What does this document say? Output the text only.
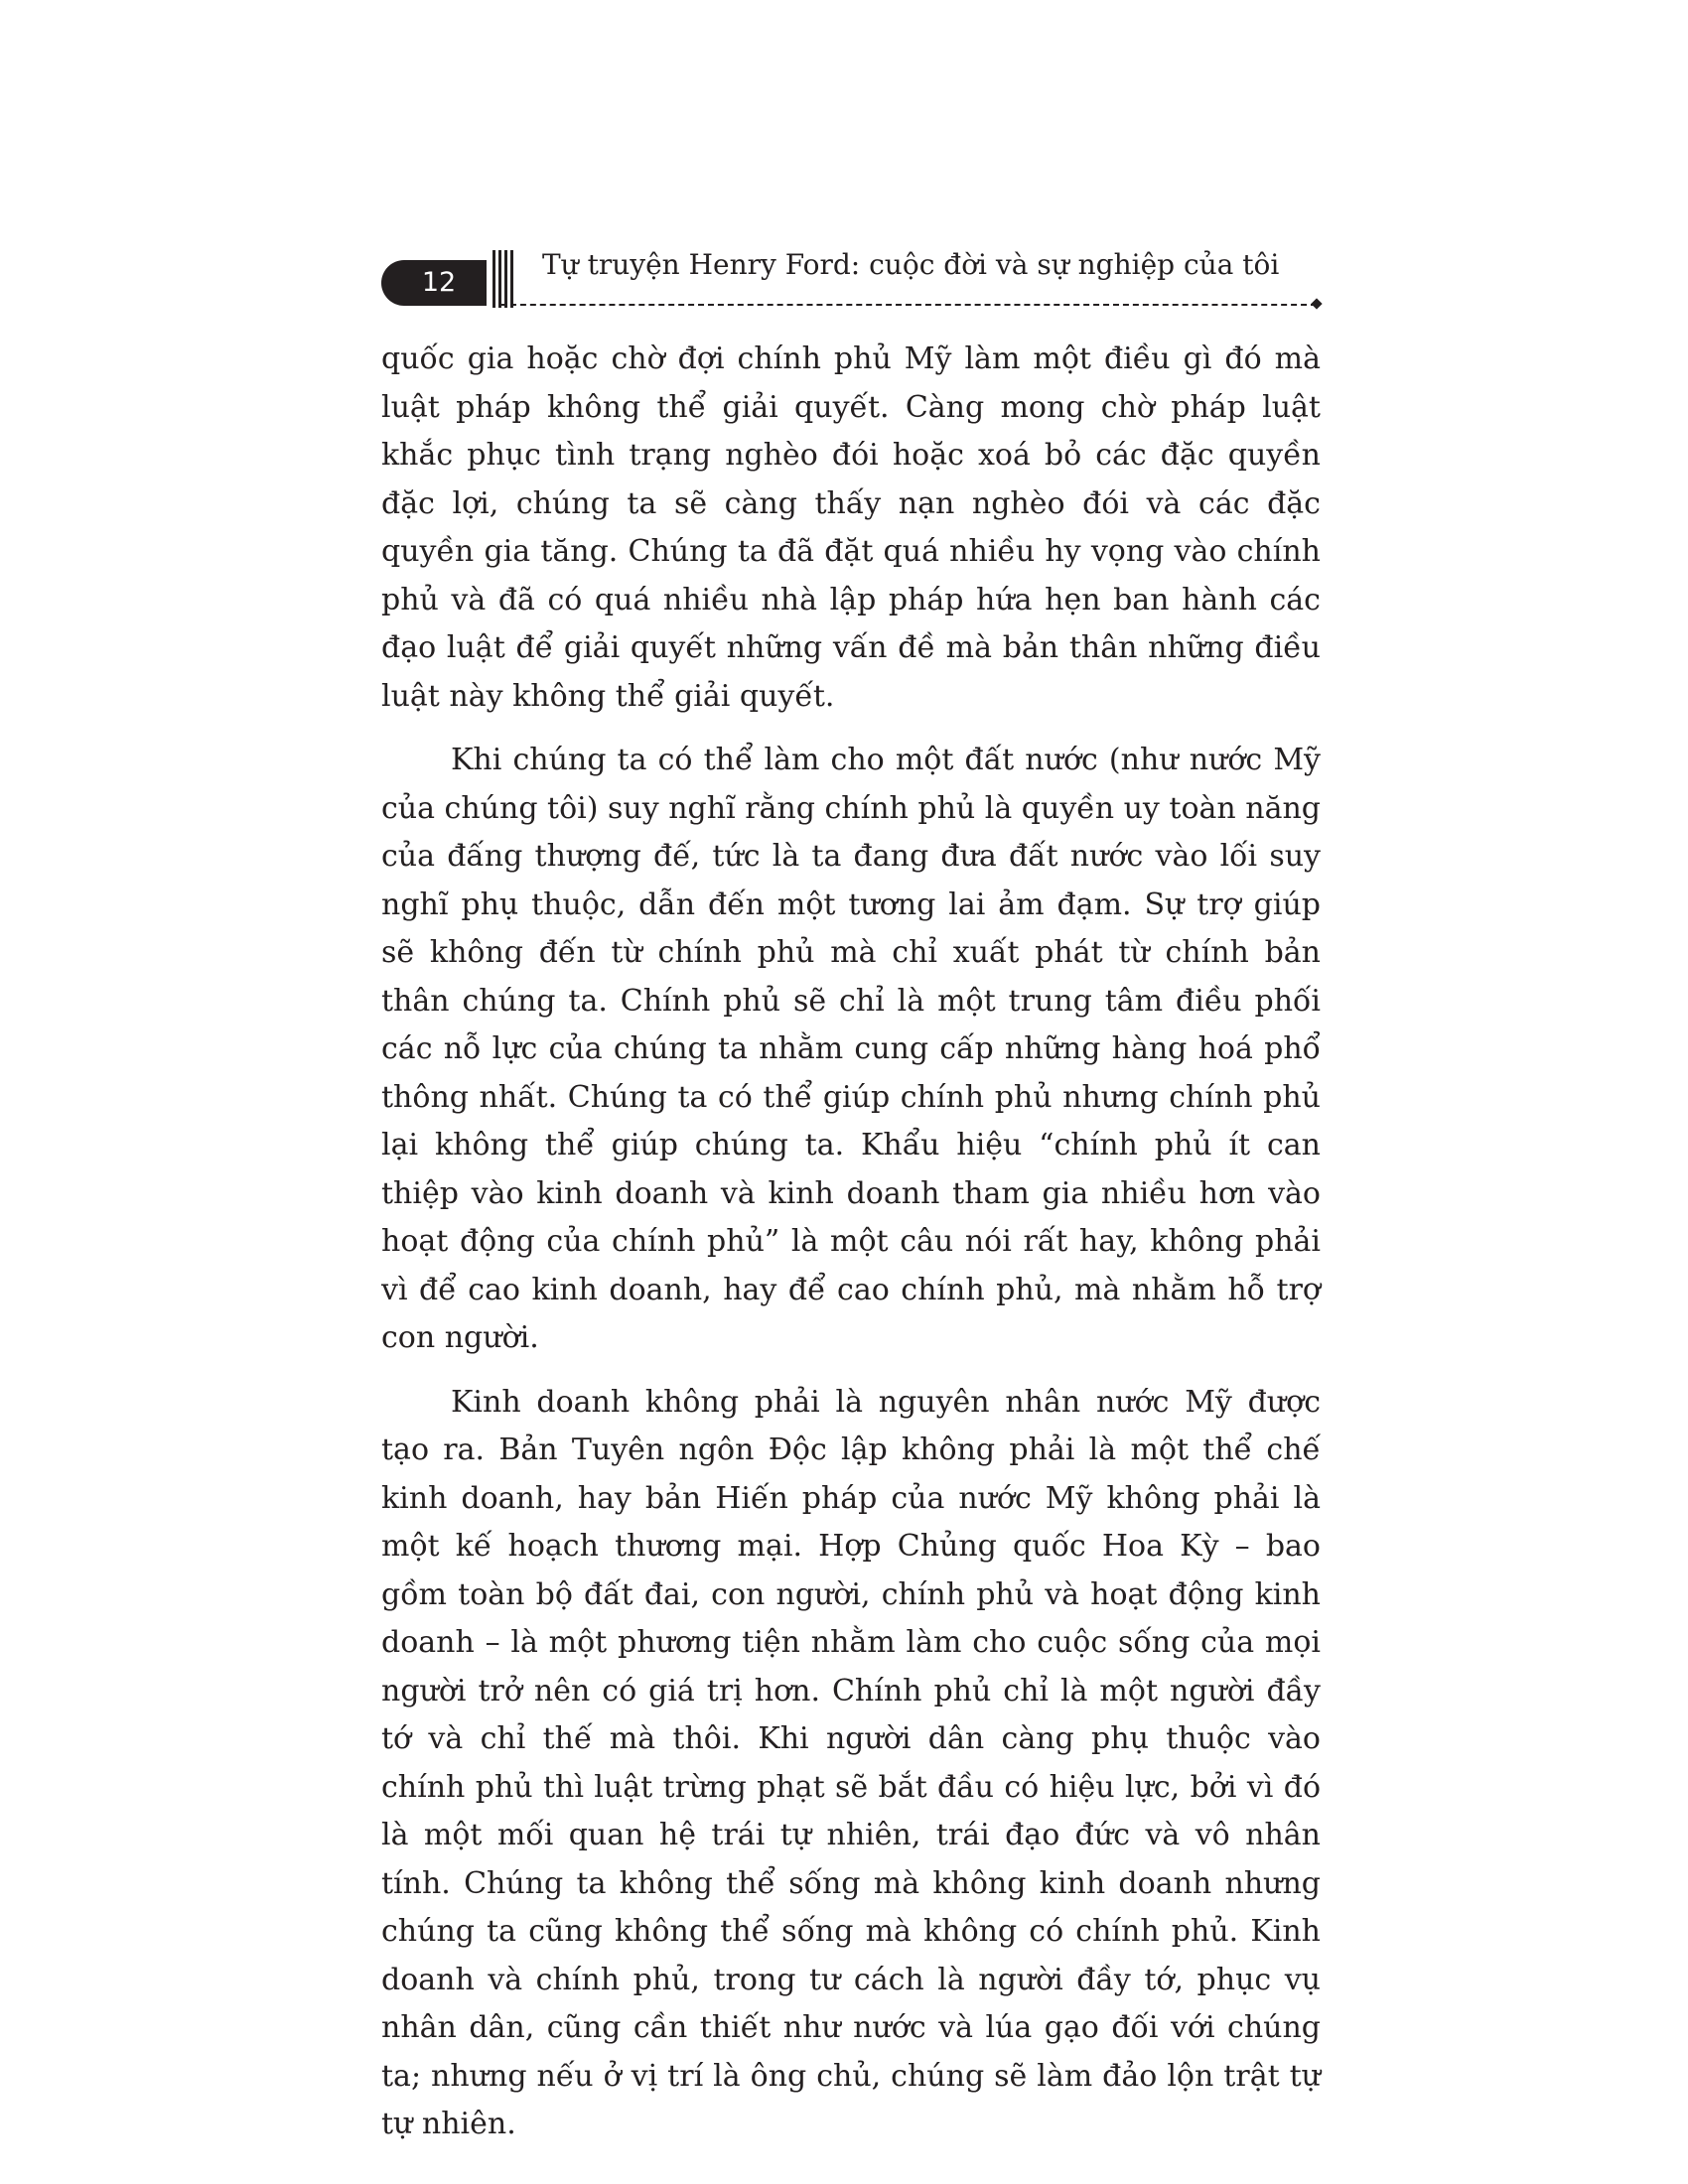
12
Tự truyện Henry Ford: cuộc đời và sự nghiệp của tôi

quốc gia hoặc chờ đợi chính phủ Mỹ làm một điều gì đó mà luật pháp không thể giải quyết. Càng mong chờ pháp luật khắc phục tình trạng nghèo đói hoặc xoá bỏ các đặc quyền đặc lợi, chúng ta sẽ càng thấy nạn nghèo đói và các đặc quyền gia tăng. Chúng ta đã đặt quá nhiều hy vọng vào chính phủ và đã có quá nhiều nhà lập pháp hứa hẹn ban hành các đạo luật để giải quyết những vấn đề mà bản thân những điều luật này không thể giải quyết.

Khi chúng ta có thể làm cho một đất nước (như nước Mỹ của chúng tôi) suy nghĩ rằng chính phủ là quyền uy toàn năng của đấng thượng đế, tức là ta đang đưa đất nước vào lối suy nghĩ phụ thuộc, dẫn đến một tương lai ảm đạm. Sự trợ giúp sẽ không đến từ chính phủ mà chỉ xuất phát từ chính bản thân chúng ta. Chính phủ sẽ chỉ là một trung tâm điều phối các nỗ lực của chúng ta nhằm cung cấp những hàng hoá phổ thông nhất. Chúng ta có thể giúp chính phủ nhưng chính phủ lại không thể giúp chúng ta. Khẩu hiệu “chính phủ ít can thiệp vào kinh doanh và kinh doanh tham gia nhiều hơn vào hoạt động của chính phủ” là một câu nói rất hay, không phải vì để cao kinh doanh, hay để cao chính phủ, mà nhằm hỗ trợ con người.

Kinh doanh không phải là nguyên nhân nước Mỹ được tạo ra. Bản Tuyên ngôn Độc lập không phải là một thể chế kinh doanh, hay bản Hiến pháp của nước Mỹ không phải là một kế hoạch thương mại. Hợp Chủng quốc Hoa Kỳ – bao gồm toàn bộ đất đai, con người, chính phủ và hoạt động kinh doanh – là một phương tiện nhằm làm cho cuộc sống của mọi người trở nên có giá trị hơn. Chính phủ chỉ là một người đầy tớ và chỉ thế mà thôi. Khi người dân càng phụ thuộc vào chính phủ thì luật trừng phạt sẽ bắt đầu có hiệu lực, bởi vì đó là một mối quan hệ trái tự nhiên, trái đạo đức và vô nhân tính. Chúng ta không thể sống mà không kinh doanh nhưng chúng ta cũng không thể sống mà không có chính phủ. Kinh doanh và chính phủ, trong tư cách là người đầy tớ, phục vụ nhân dân, cũng cần thiết như nước và lúa gạo đối với chúng ta; nhưng nếu ở vị trí là ông chủ, chúng sẽ làm đảo lộn trật tự tự nhiên.
